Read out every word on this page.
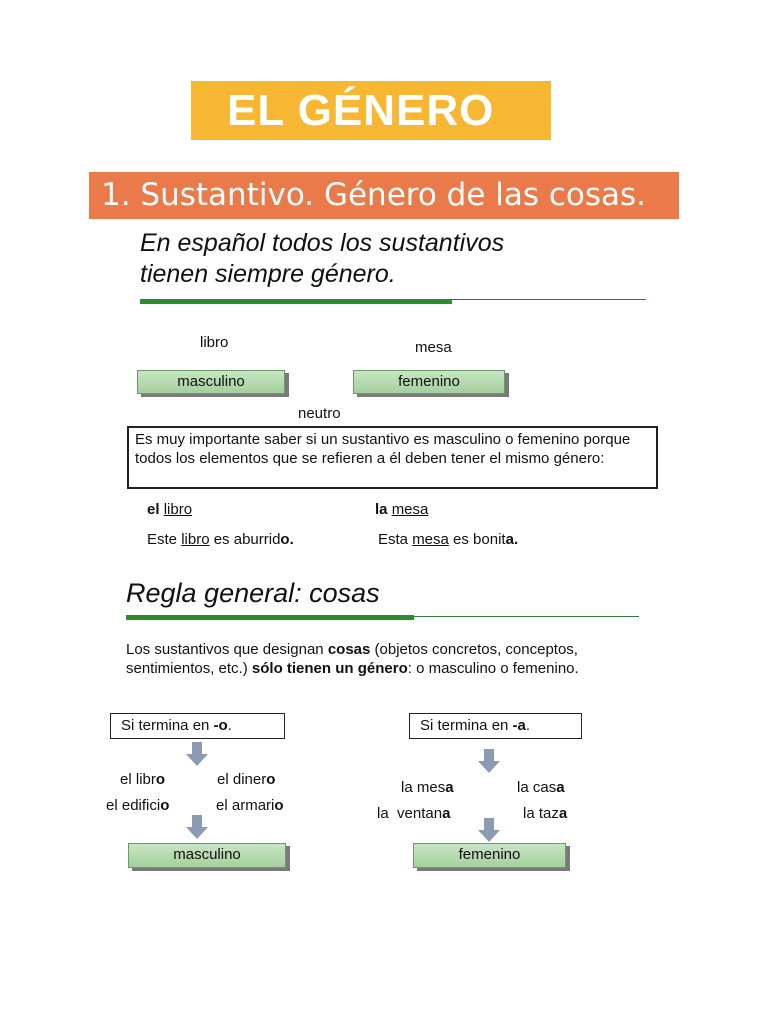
EL GÉNERO
1. Sustantivo. Género de las cosas.
En español todos los sustantivos
tienen siempre género.
libro	mesa
masculino	femenino
neutro
Es muy importante saber si un sustantivo es masculino o femenino porque todos los elementos que se refieren a él deben tener el mismo género:
el libro	la mesa
Este libro es aburrido.	Esta mesa es bonita.
Regla general: cosas
Los sustantivos que designan cosas (objetos concretos, conceptos, sentimientos, etc.) sólo tienen un género: o masculino o femenino.
Si termina en -o.
el libro	el dinero
el edificio	el armario
masculino
Si termina en -a.
la mesa	la casa
la ventana	la taza
femenino
